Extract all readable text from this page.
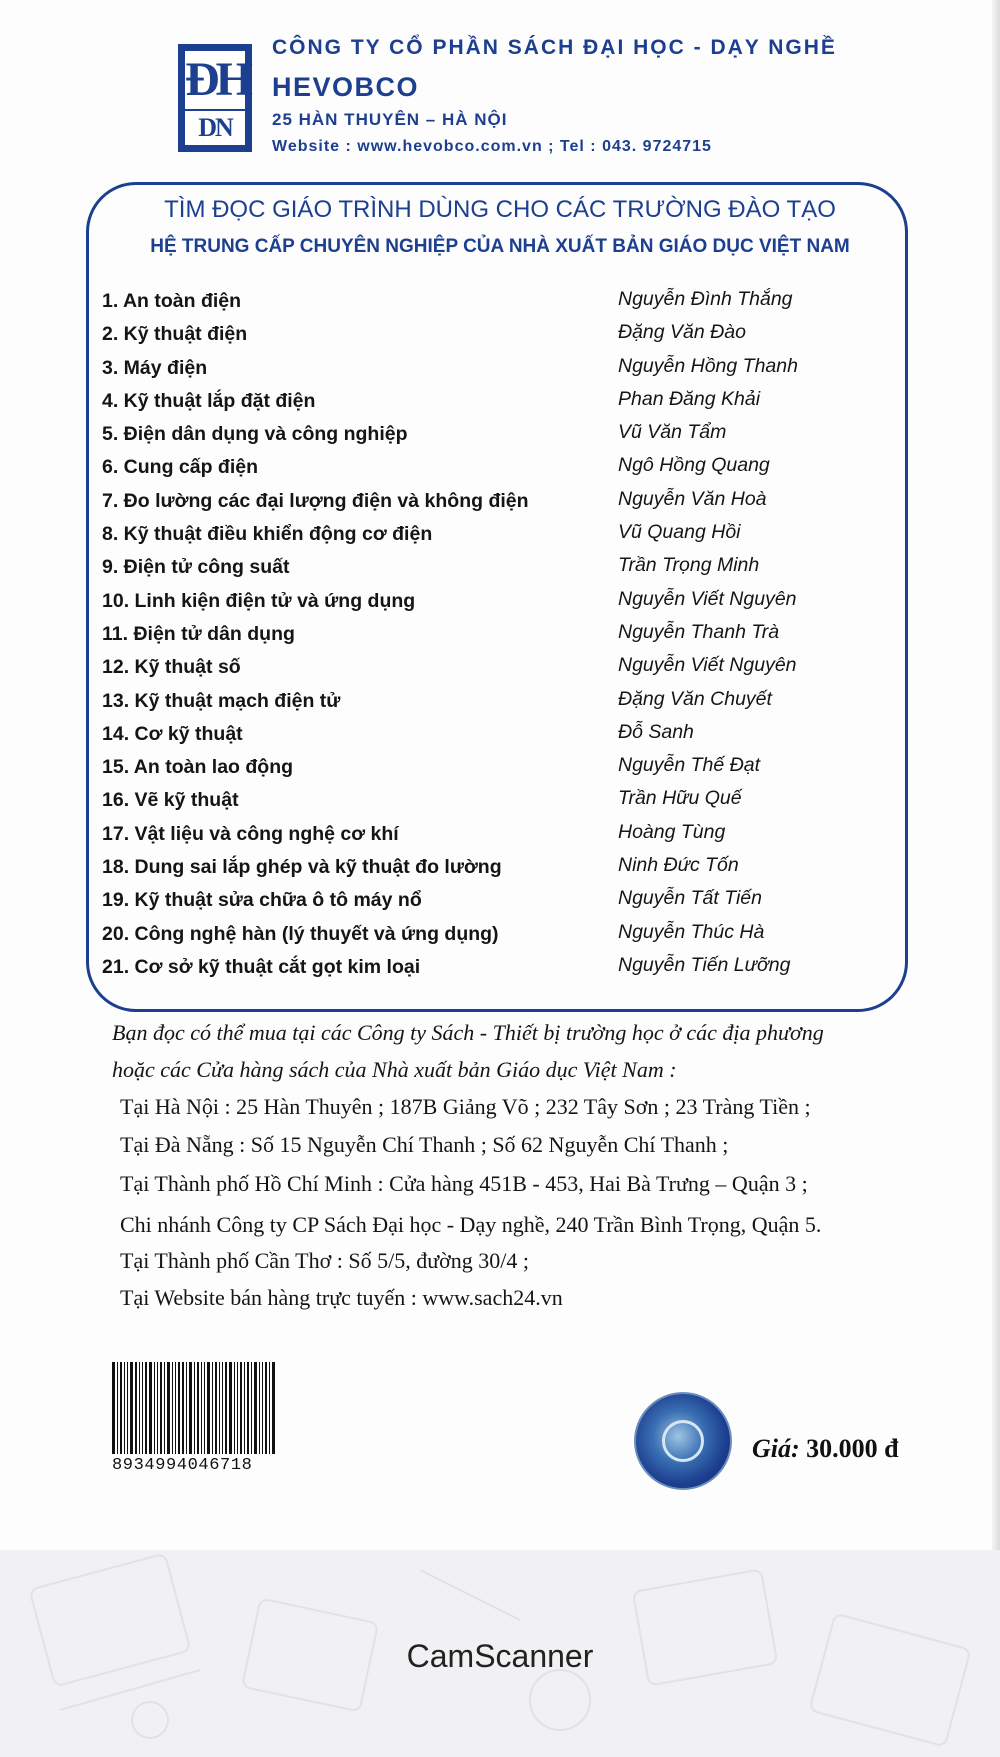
ĐH
DN
CÔNG TY CỔ PHẦN SÁCH ĐẠI HỌC - DẠY NGHỀ
HEVOBCO
25 HÀN THUYÊN – HÀ NỘI
Website : www.hevobco.com.vn ; Tel : 043. 9724715
TÌM ĐỌC GIÁO TRÌNH DÙNG CHO CÁC TRƯỜNG ĐÀO TẠO
HỆ TRUNG CẤP CHUYÊN NGHIỆP CỦA NHÀ XUẤT BẢN GIÁO DỤC VIỆT NAM
1. An toàn điện	Nguyễn Đình Thắng
2. Kỹ thuật điện	Đặng Văn Đào
3. Máy điện	Nguyễn Hồng Thanh
4. Kỹ thuật lắp đặt điện	Phan Đăng Khải
5. Điện dân dụng và công nghiệp	Vũ Văn Tẩm
6. Cung cấp điện	Ngô Hồng Quang
7. Đo lường các đại lượng điện và không điện	Nguyễn Văn Hoà
8. Kỹ thuật điều khiển động cơ điện	Vũ Quang Hồi
9. Điện tử công suất	Trần Trọng Minh
10. Linh kiện điện tử và ứng dụng	Nguyễn Viết Nguyên
11. Điện tử dân dụng	Nguyễn Thanh Trà
12. Kỹ thuật số	Nguyễn Viết Nguyên
13. Kỹ thuật mạch điện tử	Đặng Văn Chuyết
14. Cơ kỹ thuật	Đỗ Sanh
15. An toàn lao động	Nguyễn Thế Đạt
16. Vẽ kỹ thuật	Trần Hữu Quế
17. Vật liệu và công nghệ cơ khí	Hoàng Tùng
18. Dung sai lắp ghép và kỹ thuật đo lường	Ninh Đức Tốn
19. Kỹ thuật sửa chữa ô tô máy nổ	Nguyễn Tất Tiến
20. Công nghệ hàn (lý thuyết và ứng dụng)	Nguyễn Thúc Hà
21. Cơ sở kỹ thuật cắt gọt kim loại	Nguyễn Tiến Lưỡng
Bạn đọc có thể mua tại các Công ty Sách - Thiết bị trường học ở các địa phương
hoặc các Cửa hàng sách của Nhà xuất bản Giáo dục Việt Nam :
Tại Hà Nội : 25 Hàn Thuyên ; 187B Giảng Võ ; 232 Tây Sơn ; 23 Tràng Tiền ;
Tại Đà Nẵng : Số 15 Nguyễn Chí Thanh ; Số 62 Nguyễn Chí Thanh ;
Tại Thành phố Hồ Chí Minh : Cửa hàng 451B - 453, Hai Bà Trưng – Quận 3 ;
Chi nhánh Công ty CP Sách Đại học - Dạy nghề, 240 Trần Bình Trọng, Quận 5.
Tại Thành phố Cần Thơ : Số 5/5, đường 30/4 ;
Tại Website bán hàng trực tuyến : www.sach24.vn
8934994046718
Giá: 30.000 đ
CamScanner
